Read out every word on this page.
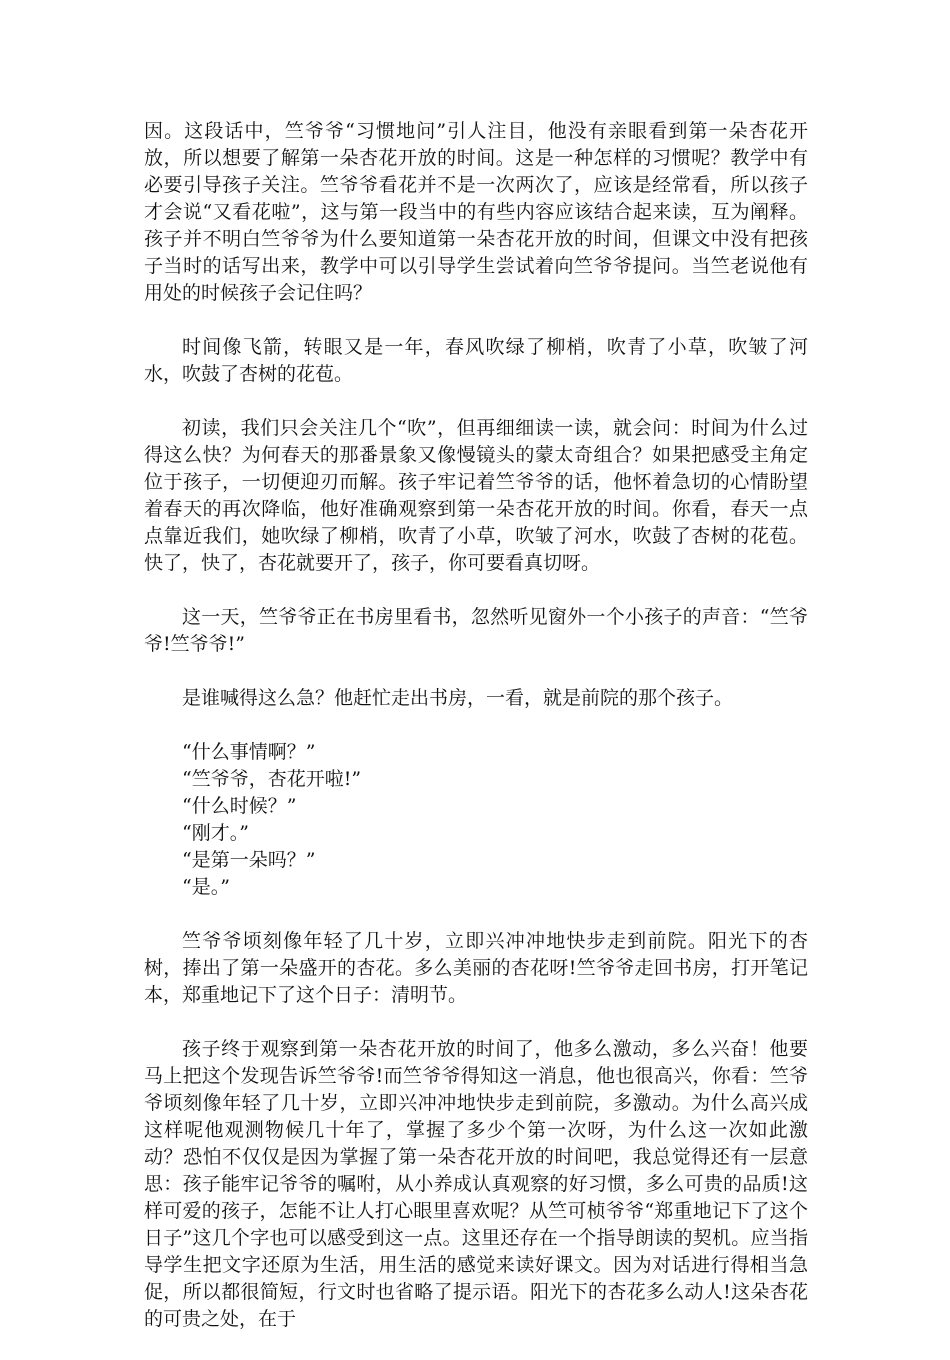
因。这段话中，竺爷爷“习惯地问”引人注目，他没有亲眼看到第一朵杏花开放，所以想要了解第一朵杏花开放的时间。这是一种怎样的习惯呢？教学中有必要引导孩子关注。竺爷爷看花并不是一次两次了，应该是经常看，所以孩子才会说“又看花啦”，这与第一段当中的有些内容应该结合起来读，互为阐释。孩子并不明白竺爷爷为什么要知道第一朵杏花开放的时间，但课文中没有把孩子当时的话写出来，教学中可以引导学生尝试着向竺爷爷提问。当竺老说他有用处的时候孩子会记住吗？

时间像飞箭，转眼又是一年，春风吹绿了柳梢，吹青了小草，吹皱了河水，吹鼓了杏树的花苞。

初读，我们只会关注几个“吹”，但再细细读一读，就会问：时间为什么过得这么快？为何春天的那番景象又像慢镜头的蒙太奇组合？如果把感受主角定位于孩子，一切便迎刃而解。孩子牢记着竺爷爷的话，他怀着急切的心情盼望着春天的再次降临，他好准确观察到第一朵杏花开放的时间。你看，春天一点点靠近我们，她吹绿了柳梢，吹青了小草，吹皱了河水，吹鼓了杏树的花苞。快了，快了，杏花就要开了，孩子，你可要看真切呀。

这一天，竺爷爷正在书房里看书，忽然听见窗外一个小孩子的声音：“竺爷爷!竺爷爷!”

是谁喊得这么急？他赶忙走出书房，一看，就是前院的那个孩子。

“什么事情啊？”
“竺爷爷，杏花开啦!”
“什么时候？”
“刚才。”
“是第一朵吗？”
“是。”

竺爷爷顷刻像年轻了几十岁，立即兴冲冲地快步走到前院。阳光下的杏树，捧出了第一朵盛开的杏花。多么美丽的杏花呀!竺爷爷走回书房，打开笔记本，郑重地记下了这个日子：清明节。

孩子终于观察到第一朵杏花开放的时间了，他多么激动，多么兴奋！他要马上把这个发现告诉竺爷爷!而竺爷爷得知这一消息，他也很高兴，你看：竺爷爷顷刻像年轻了几十岁，立即兴冲冲地快步走到前院，多激动。为什么高兴成这样呢他观测物候几十年了，掌握了多少个第一次呀，为什么这一次如此激动？恐怕不仅仅是因为掌握了第一朵杏花开放的时间吧，我总觉得还有一层意思：孩子能牢记爷爷的嘱咐，从小养成认真观察的好习惯，多么可贵的品质!这样可爱的孩子，怎能不让人打心眼里喜欢呢？从竺可桢爷爷“郑重地记下了这个日子”这几个字也可以感受到这一点。这里还存在一个指导朗读的契机。应当指导学生把文字还原为生活，用生活的感觉来读好课文。因为对话进行得相当急促，所以都很简短，行文时也省略了提示语。阳光下的杏花多么动人!这朵杏花的可贵之处，在于
